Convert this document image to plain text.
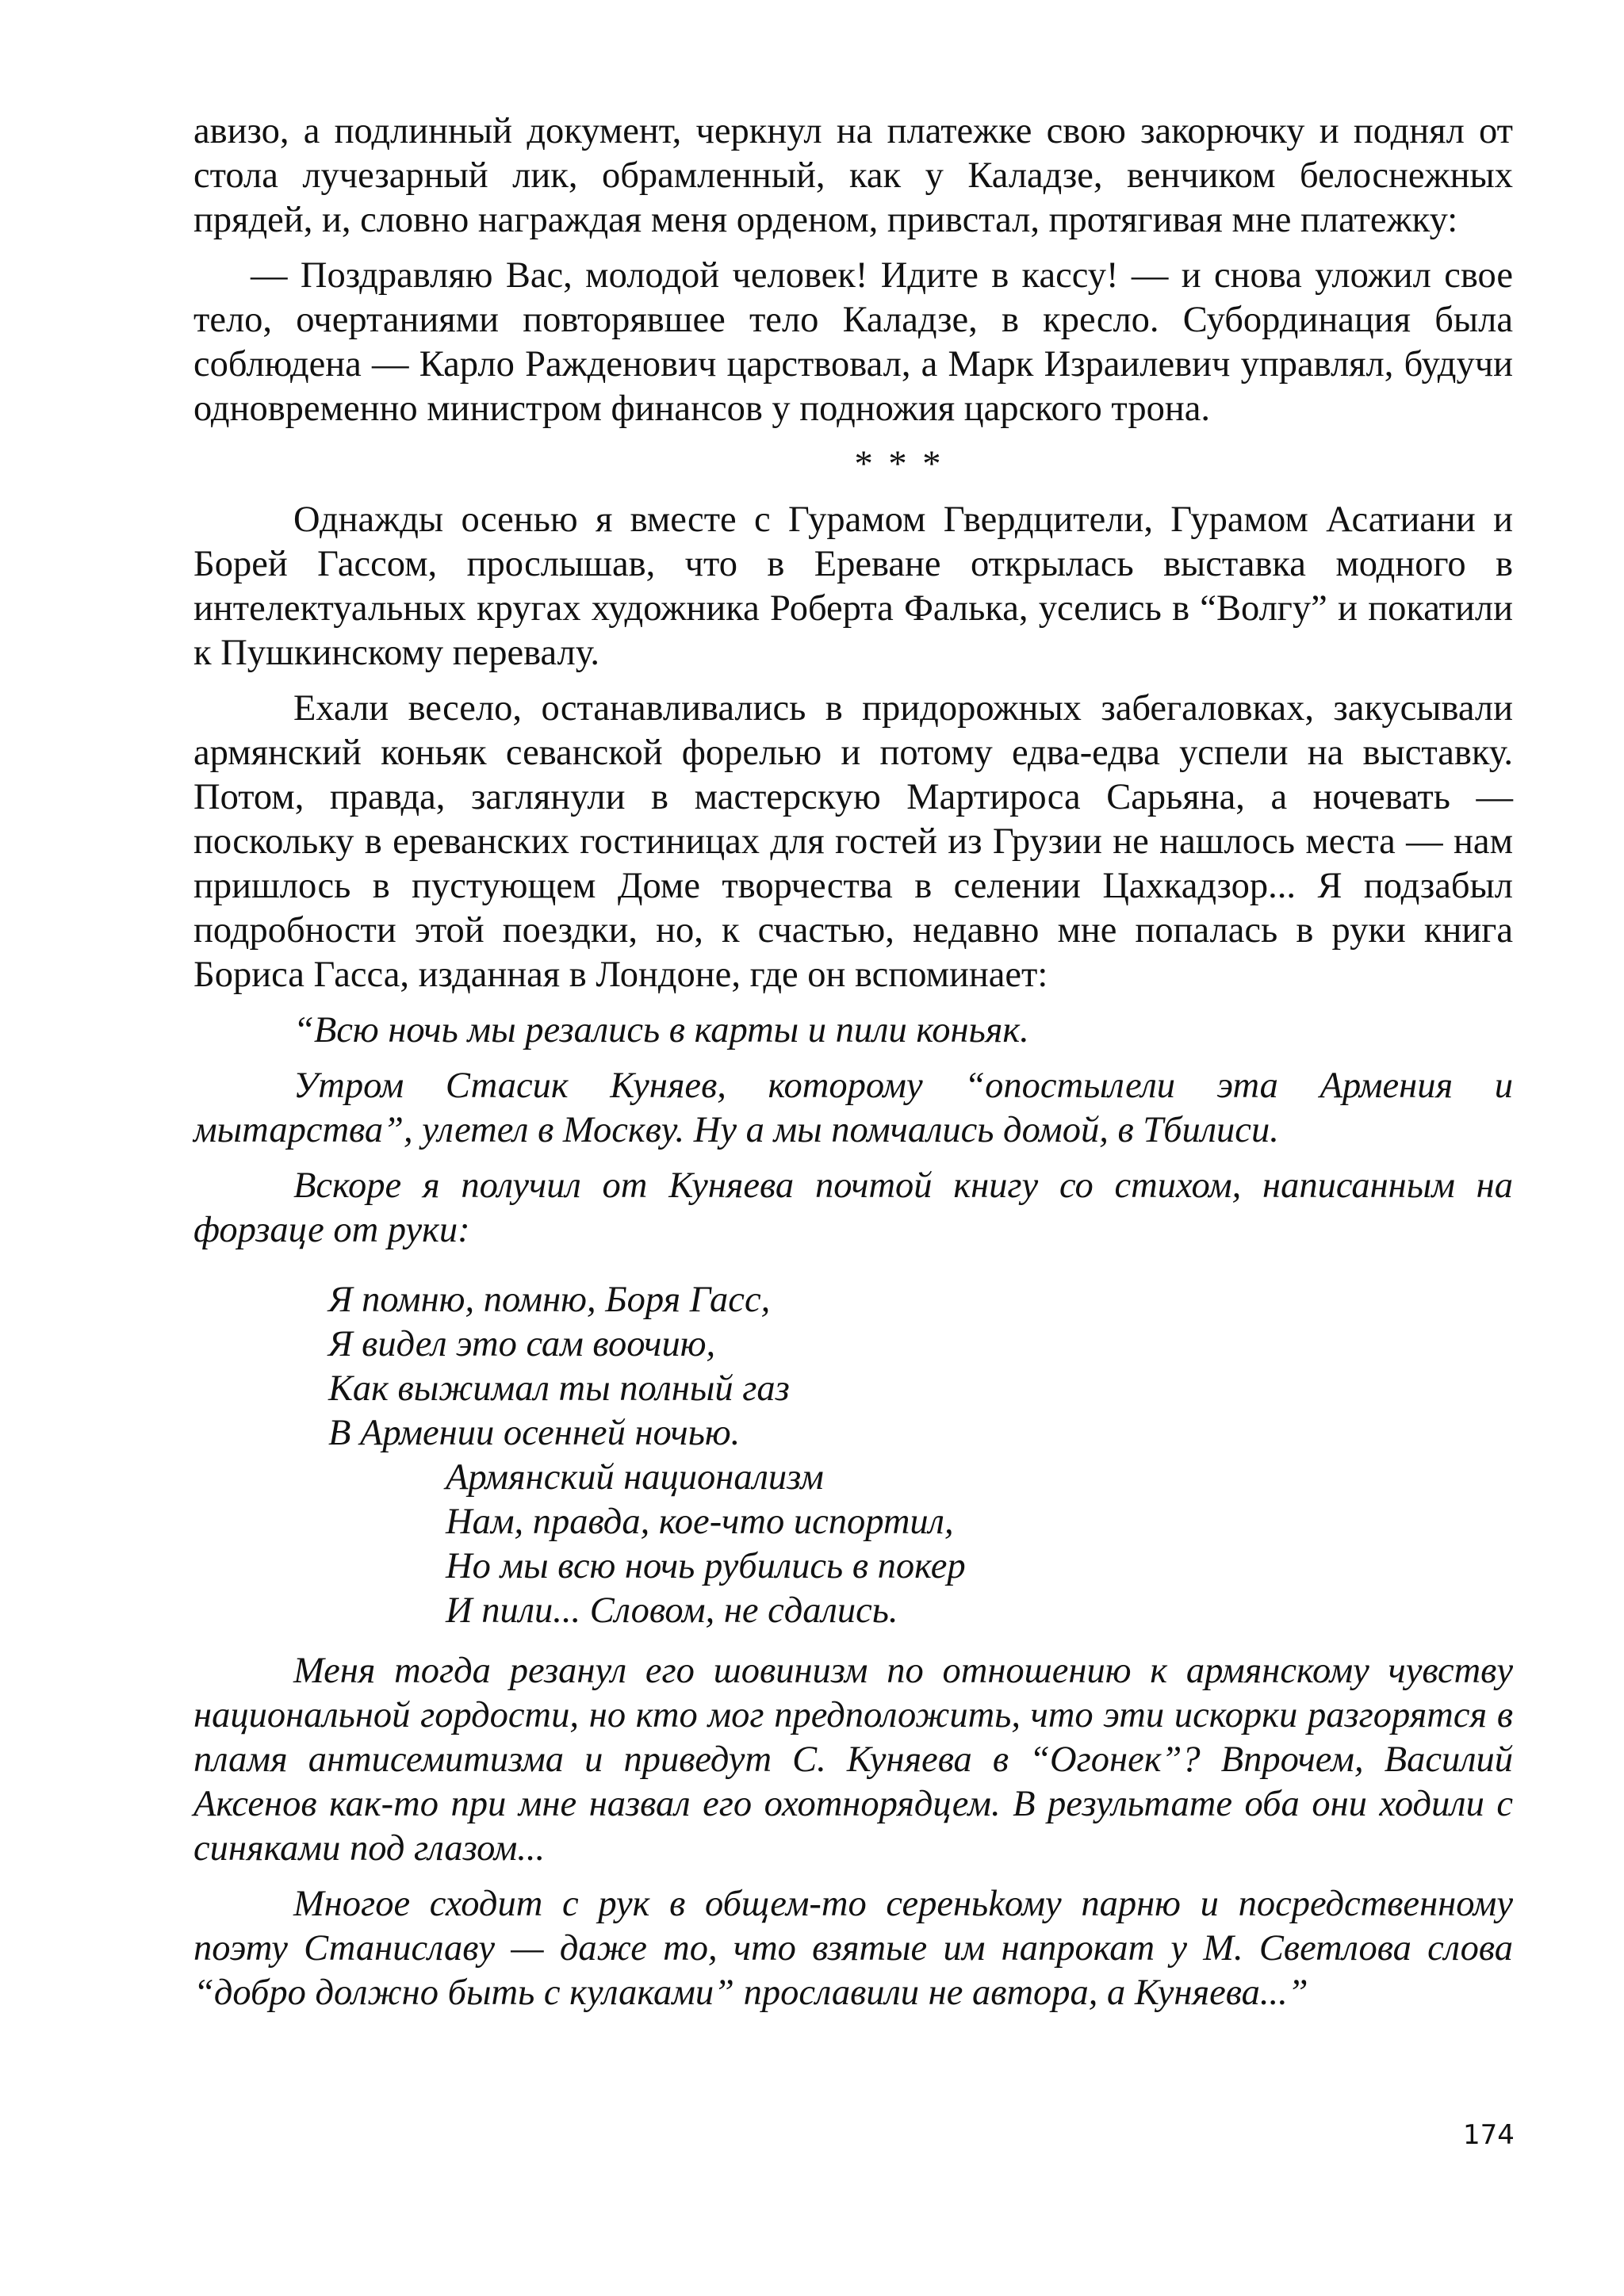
авизо, а подлинный документ, черкнул на платежке свою закорючку и поднял от стола лучезарный лик, обрамленный, как у Каладзе, венчиком белоснежных прядей, и, словно награждая меня орденом, привстал, протягивая мне платежку:

— Поздравляю Вас, молодой человек! Идите в кассу! — и снова уложил свое тело, очертаниями повторявшее тело Каладзе, в кресло. Субординация была соблюдена — Карло Ражденович царствовал, а Марк Израилевич управлял, будучи одновременно министром финансов у подножия царского трона.

* * *

Однажды осенью я вместе с Гурамом Гвердцители, Гурамом Асатиани и Борей Гассом, прослышав, что в Ереване открылась выставка модного в интелектуальных кругах художника Роберта Фалька, уселись в “Волгу” и покатили к Пушкинскому перевалу.

Ехали весело, останавливались в придорожных забегаловках, закусывали армянский коньяк севанской форелью и потому едва-едва успели на выставку. Потом, правда, заглянули в мастерскую Мартироса Сарьяна, а ночевать — поскольку в ереванских гостиницах для гостей из Грузии не нашлось места — нам пришлось в пустующем Доме творчества в селении Цахкадзор... Я подзабыл подробности этой поездки, но, к счастью, недавно мне попалась в руки книга Бориса Гасса, изданная в Лондоне, где он вспоминает:

“Всю ночь мы резались в карты и пили коньяк.

Утром Стасик Куняев, которому “опостылели эта Армения и мытарства”, улетел в Москву. Ну а мы помчались домой, в Тбилиси.

Вскоре я получил от Куняева почтой книгу со стихом, написанным на форзаце от руки:

Я помню, помню, Боря Гасс,
Я видел это сам воочию,
Как выжимал ты полный газ
В Армении осенней ночью.
Армянский национализм
Нам, правда, кое-что испортил,
Но мы всю ночь рубились в покер
И пили... Словом, не сдались.

Меня тогда резанул его шовинизм по отношению к армянскому чувству национальной гордости, но кто мог предположить, что эти искорки разгорятся в пламя антисемитизма и приведут С. Куняева в “Огонек”? Впрочем, Василий Аксенов как-то при мне назвал его охотнорядцем. В результате оба они ходили с синяками под глазом...

Многое сходит с рук в общем-то сереньkому парню и посредственному поэту Станиславу — даже то, что взятые им напрокат у М. Светлова слова “добро должно быть с кулаками” прославили не автора, а Куняева...”

174
